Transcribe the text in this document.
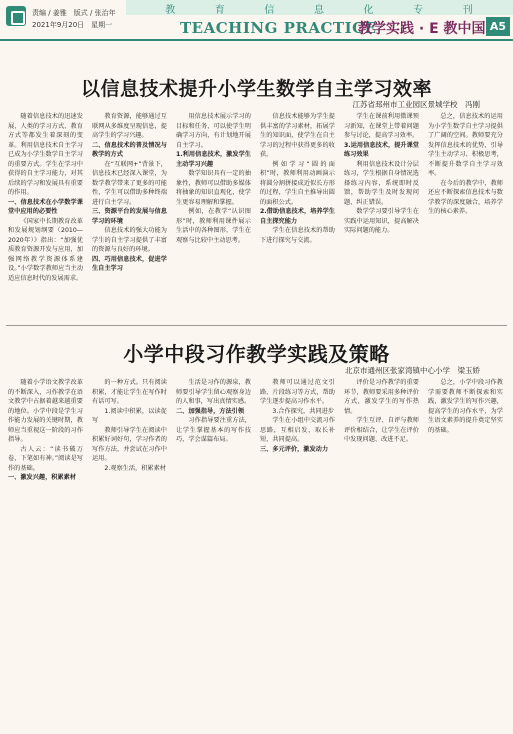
责编 / 姜雅　版式 / 张治年
2021年9月20日　星期一
教	育	信	息	化	专	刊
TEACHING PRACTICE
教学实践 · E 教中国 A5
以信息技术提升小学生数学自主学习效率
江苏省邳州市工业园区景城学校　冯刚

随着信息技术的迅速发展，人类的学习方式、教育方式等都发生着深刻的变革。利用信息技术自主学习已成为小学生数学自主学习的重要方式。学生在学习中获得的自主学习能力，对其后续的学习和发展具有重要的作用。

一、信息技术在小学数学课堂中应用的必要性

《国家中长期教育改革和发展规划纲要（2010—2020年）》指出：“加强优质教育资源开发与应用，加强网络教学资源体系建设。”小学数学教师应当主动适应信息时代的发展需求。

教育资源，能够通过互联网从多维度呈现信息，提高学生的学习兴趣。

二、信息技术的普及情况与教学的方式

在“互联网+”背景下，信息技术已经深入课堂，为数学教学带来了更多的可能性，学生可以借助多种终端进行自主学习。

三、资源平台的发展与信息学习的环境

信息技术的强大功能为学生的自主学习提供了丰富的资源与良好的环境。

四、巧用信息技术，促进学生自主学习

用信息技术展示学习的目标和任务，可以使学生明确学习方向，有计划地开展自主学习。

1.利用信息技术，激发学生主动学习兴趣

数学知识具有一定的抽象性，教师可以借助多媒体将抽象的知识直观化，使学生更容易理解和掌握。

例如，在教学“认识图形”时，教师利用课件展示生活中的各种图形，学生在观察与比较中主动思考。

信息技术能够为学生提供丰富的学习素材，拓展学生的知识面，使学生在自主学习的过程中获得更多的收获。

例如学习“圆的面积”时，教师利用动画演示将圆分割拼接成近似长方形的过程，学生自主推导出圆的面积公式。

2.借助信息技术，培养学生自主探究能力

学生在信息技术的帮助下进行探究与交流。

学生在课前利用微课预习新知，在课堂上带着问题参与讨论，提高学习效率。

3.运用信息技术，提升课堂练习效果

利用信息技术设计分层练习，学生根据自身情况选择练习内容，系统即时反馈，帮助学生及时发现问题、纠正错误。

数学学习要引导学生在实践中运用知识，提高解决实际问题的能力。

总之，信息技术的运用为小学生数学自主学习提供了广阔的空间。教师要充分发挥信息技术的优势，引导学生主动学习、积极思考，不断提升数学自主学习效率。

在今后的教学中，教师还应不断探索信息技术与数学教学的深度融合，培养学生的核心素养。

小学中段习作教学实践及策略
北京市通州区张家湾镇中心小学　梁玉娇

随着小学语文教学改革的不断深入，习作教学在语文教学中占据着越来越重要的地位。小学中段是学生习作能力发展的关键时期，教师应当重视这一阶段的习作指导。

古人云：“读书破万卷，下笔如有神。”阅读是写作的基础。

一、激发兴趣，积累素材

的一种方式。只有阅读积累，才能让学生在写作时有话可写。

1.阅读中积累，以读促写

教师引导学生在阅读中积累好词好句，学习作者的写作方法，并尝试在习作中运用。

2.观察生活，积累素材

生活是习作的源泉，教师要引导学生留心观察身边的人和事，写出真情实感。

二、加强指导，方法引领

习作指导要注重方法，让学生掌握基本的写作技巧，学会谋篇布局。

教师可以通过范文引路、片段练习等方式，帮助学生逐步提高习作水平。

3.合作探究，共同进步

学生在小组中交流习作思路，互相启发，取长补短，共同提高。

三、多元评价，激发动力

评价是习作教学的重要环节，教师要采用多种评价方式，激发学生的写作热情。

学生互评、自评与教师评价相结合，让学生在评价中发现问题、改进不足。

总之，小学中段习作教学需要教师不断探索和实践，激发学生的写作兴趣，提高学生的习作水平，为学生语文素养的提升奠定坚实的基础。
